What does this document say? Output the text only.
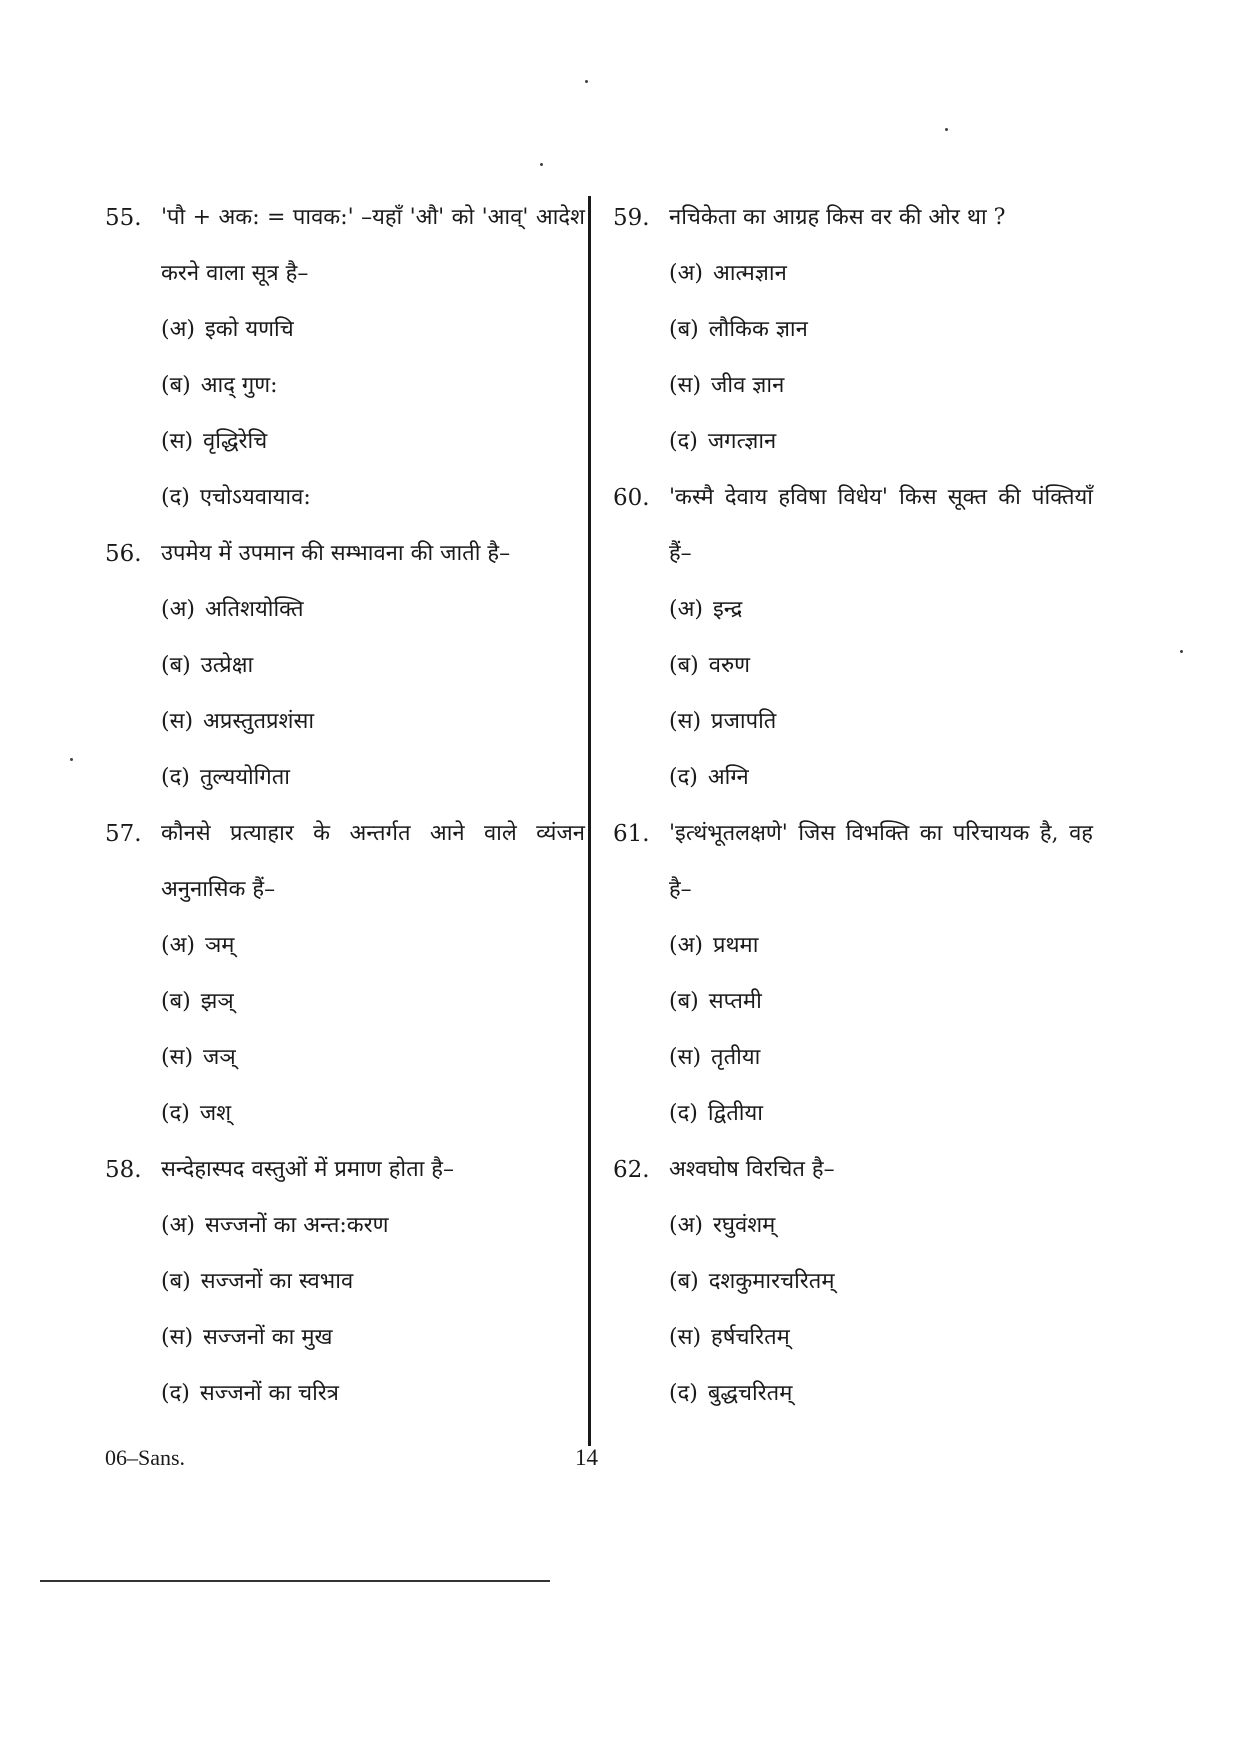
55. 'पौ + अक: = पावक:' –यहाँ 'औ' को 'आव्' आदेश करने वाला सूत्र है–
(अ) इको यणचि
(ब) आद् गुण:
(स) वृद्धिरेचि
(द) एचोऽयवायाव:
56. उपमेय में उपमान की सम्भावना की जाती है–
(अ) अतिशयोक्ति
(ब) उत्प्रेक्षा
(स) अप्रस्तुतप्रशंसा
(द) तुल्ययोगिता
57. कौनसे प्रत्याहार के अन्तर्गत आने वाले व्यंजन अनुनासिक हैं–
(अ) ञम्
(ब) झञ्
(स) जञ्
(द) जश्
58. सन्देहास्पद वस्तुओं में प्रमाण होता है–
(अ) सज्जनों का अन्त:करण
(ब) सज्जनों का स्वभाव
(स) सज्जनों का मुख
(द) सज्जनों का चरित्र
59. नचिकेता का आग्रह किस वर की ओर था ?
(अ) आत्मज्ञान
(ब) लौकिक ज्ञान
(स) जीव ज्ञान
(द) जगत्ज्ञान
60. 'कस्मै देवाय हविषा विधेय' किस सूक्त की पंक्तियाँ हैं–
(अ) इन्द्र
(ब) वरुण
(स) प्रजापति
(द) अग्नि
61. 'इत्थंभूतलक्षणे' जिस विभक्ति का परिचायक है, वह है–
(अ) प्रथमा
(ब) सप्तमी
(स) तृतीया
(द) द्वितीया
62. अश्वघोष विरचित है–
(अ) रघुवंशम्
(ब) दशकुमारचरितम्
(स) हर्षचरितम्
(द) बुद्धचरितम्
06–Sans.	14
